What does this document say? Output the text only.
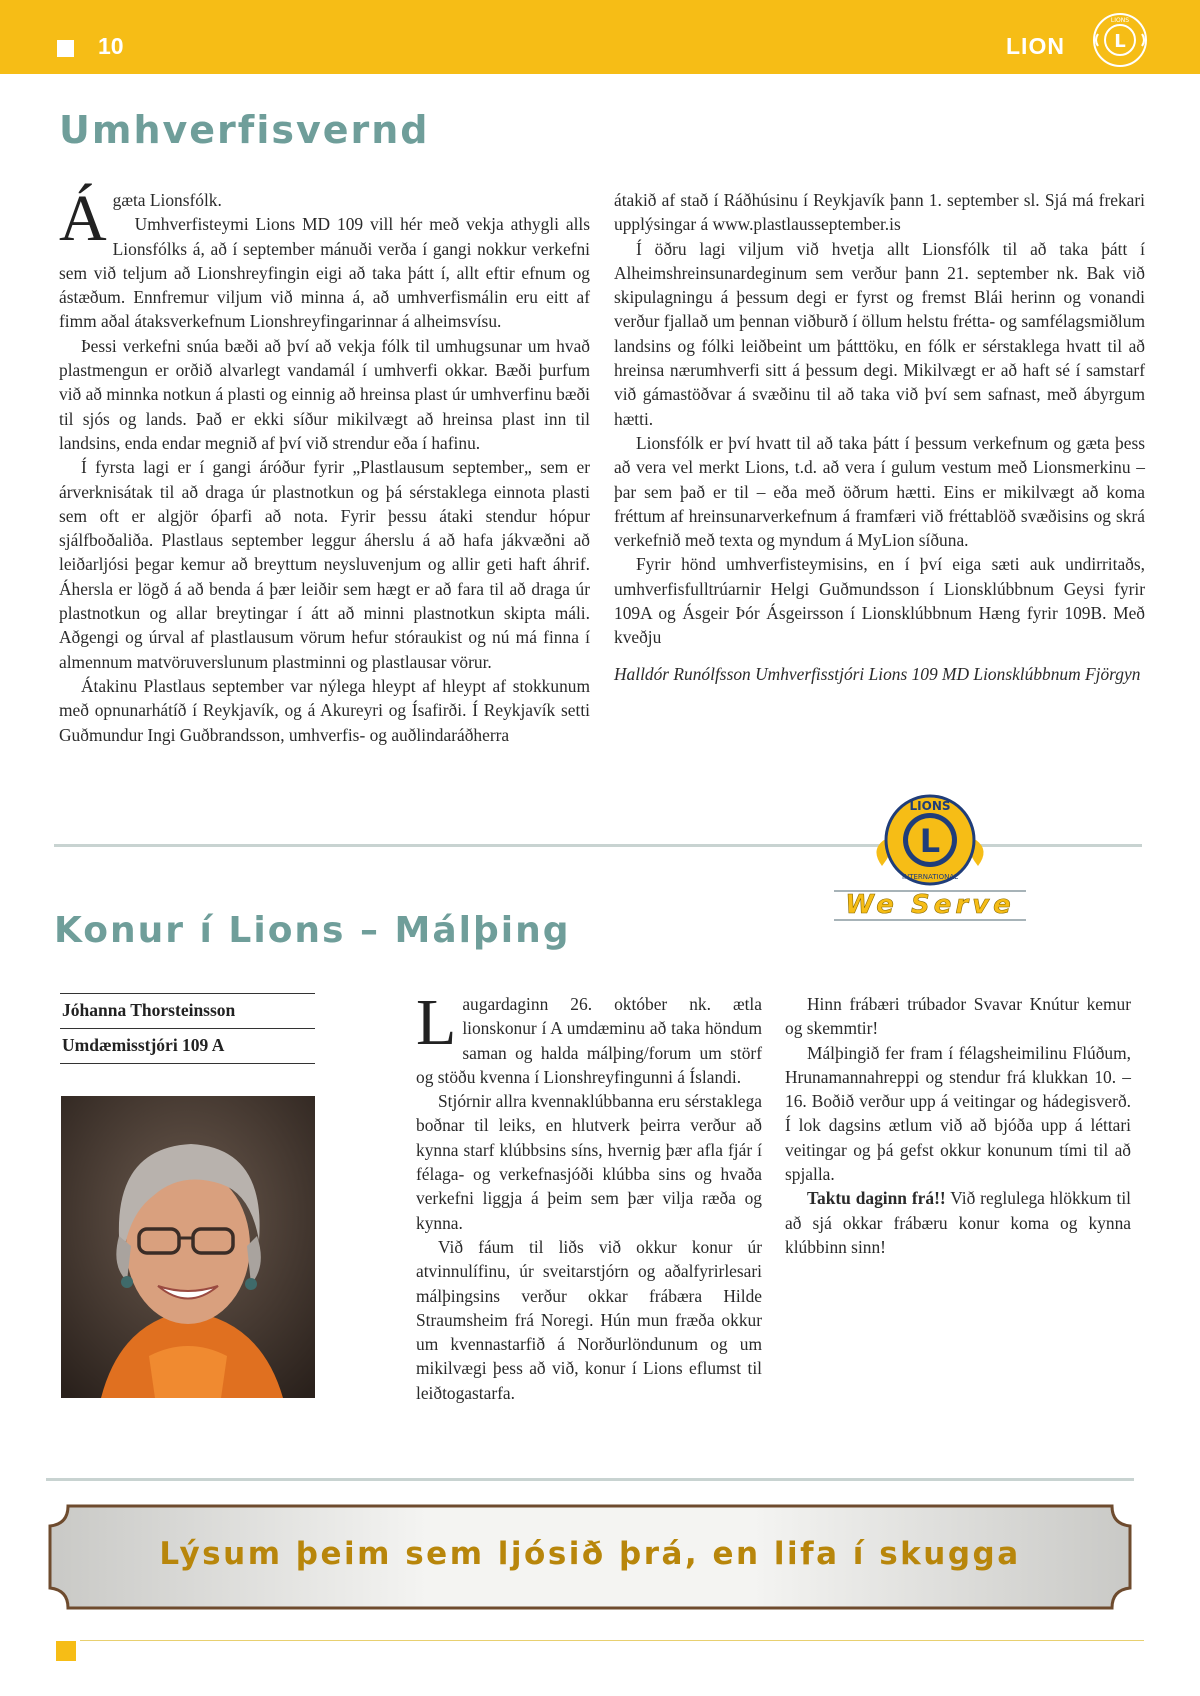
10	LION	L
LIONS
Umhverfisvernd

Ágæta Lionsfólk.

Umhverfisteymi Lions MD 109 vill hér með vekja athygli alls Lionsfólks á, að í september mánuði verða í gangi nokkur verkefni sem við teljum að Lionshreyfingin eigi að taka þátt í, allt eftir efnum og ástæðum. Ennfremur viljum við minna á, að umhverfismálin eru eitt af fimm aðal átaksverkefnum Lionshreyfingarinnar á alheimsvísu.

Þessi verkefni snúa bæði að því að vekja fólk til umhugsunar um hvað plastmengun er orðið alvarlegt vandamál í umhverfi okkar. Bæði þurfum við að minnka notkun á plasti og einnig að hreinsa plast úr umhverfinu bæði til sjós og lands. Það er ekki síður mikilvægt að hreinsa plast inn til landsins, enda endar megnið af því við strendur eða í hafinu.

Í fyrsta lagi er í gangi áróður fyrir „Plastlausum september„ sem er árverknisátak til að draga úr plastnotkun og þá sérstaklega einnota plasti sem oft er algjör óþarfi að nota. Fyrir þessu átaki stendur hópur sjálfboðaliða. Plastlaus september leggur áherslu á að hafa jákvæðni að leiðarljósi þegar kemur að breyttum neysluvenjum og allir geti haft áhrif. Áhersla er lögð á að benda á þær leiðir sem hægt er að fara til að draga úr plastnotkun og allar breytingar í átt að minni plastnotkun skipta máli. Aðgengi og úrval af plastlausum vörum hefur stóraukist og nú má finna í almennum matvöruverslunum plastminni og plastlausar vörur.

Átakinu Plastlaus september var nýlega hleypt af hleypt af stokkunum með opnunarhátíð í Reykjavík, og á Akureyri og Ísafirði. Í Reykjavík setti Guðmundur Ingi Guðbrandsson, umhverfis- og auðlindaráðherra

átakið af stað í Ráðhúsinu í Reykjavík þann 1. september sl. Sjá má frekari upplýsingar á www.plastlausseptember.is

Í öðru lagi viljum við hvetja allt Lionsfólk til að taka þátt í Alheimshreinsunardeginum sem verður þann 21. september nk. Bak við skipulagningu á þessum degi er fyrst og fremst Blái herinn og vonandi verður fjallað um þennan viðburð í öllum helstu frétta- og samfélagsmiðlum landsins og fólki leiðbeint um þátttöku, en fólk er sérstaklega hvatt til að hreinsa nærumhverfi sitt á þessum degi. Mikilvægt er að haft sé í samstarf við gámastöðvar á svæðinu til að taka við því sem safnast, með ábyrgum hætti.

Lionsfólk er því hvatt til að taka þátt í þessum verkefnum og gæta þess að vera vel merkt Lions, t.d. að vera í gulum vestum með Lionsmerkinu – þar sem það er til – eða með öðrum hætti. Eins er mikilvægt að koma fréttum af hreinsunarverkefnum á framfæri við fréttablöð svæðisins og skrá verkefnið með texta og myndum á MyLion síðuna.

Fyrir hönd umhverfisteymisins, en í því eiga sæti auk undirritaðs, umhverfisfulltrúarnir Helgi Guðmundsson í Lionsklúbbnum Geysi fyrir 109A og Ásgeir Þór Ásgeirsson í Lionsklúbbnum Hæng fyrir 109B. Með kveðju

Halldór Runólfsson Umhverfisstjóri Lions 109 MD Lionsklúbbnum Fjörgyn

L
LIONS
INTERNATIONAL
We Serve
Konur í Lions – Málþing
Jóhanna Thorsteinsson
Umdæmisstjóri 109 A	Laugardaginn 26. október nk. ætla lionskonur í A umdæminu að taka höndum saman og halda málþing/forum um störf og stöðu kvenna í Lionshreyfingunni á Íslandi.

Stjórnir allra kvennaklúbbanna eru sérstaklega boðnar til leiks, en hlutverk þeirra verður að kynna starf klúbbsins síns, hvernig þær afla fjár í félaga- og verkefnasjóði klúbba sins og hvaða verkefni liggja á þeim sem þær vilja ræða og kynna.

Við fáum til liðs við okkur konur úr atvinnulífinu, úr sveitarstjórn og aðalfyrirlesari málþingsins verður okkar frábæra Hilde Straumsheim frá Noregi. Hún mun fræða okkur um kvennastarfið á Norðurlöndunum og um mikilvægi þess að við, konur í Lions eflumst til leiðtogastarfa.

Hinn frábæri trúbador Svavar Knútur kemur og skemmtir!

Málþingið fer fram í félagsheimilinu Flúðum, Hrunamannahreppi og stendur frá klukkan 10. – 16. Boðið verður upp á veitingar og hádegisverð. Í lok dagsins ætlum við að bjóða upp á léttari veitingar og þá gefst okkur konunum tími til að spjalla.

Taktu daginn frá!! Við reglulega hlökkum til að sjá okkar frábæru konur koma og kynna klúbbinn sinn!

Lýsum þeim sem ljósið þrá, en lifa í skugga
